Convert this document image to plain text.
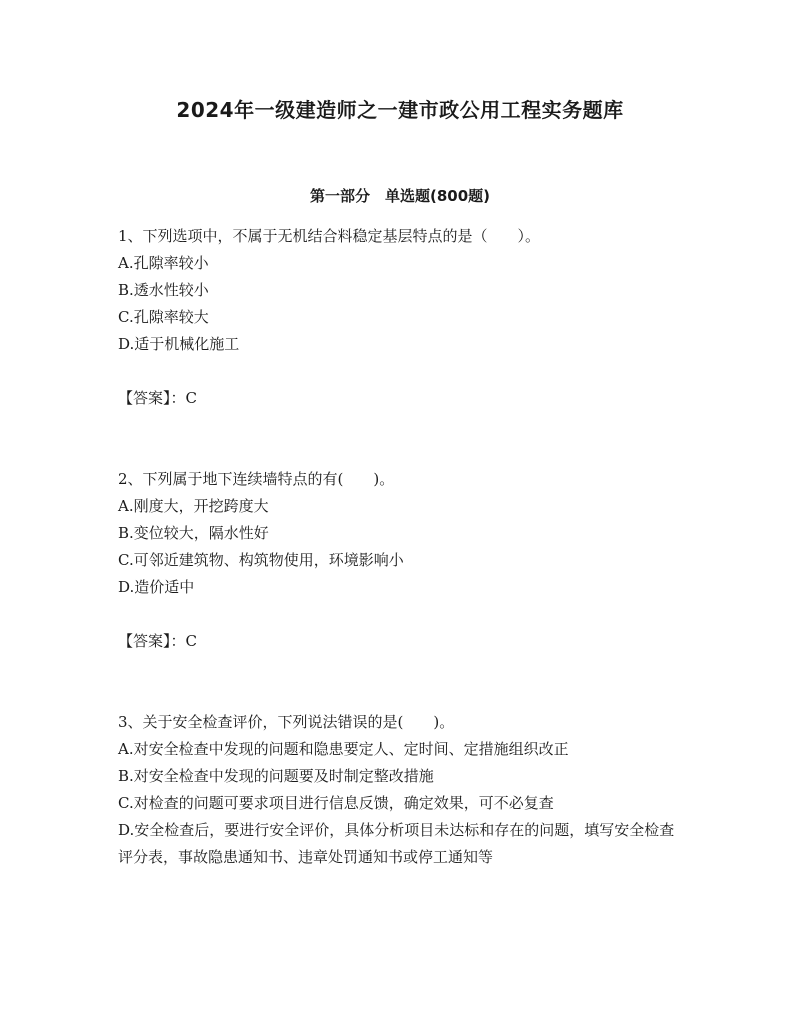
2024年一级建造师之一建市政公用工程实务题库
第一部分　单选题(800题)

1、下列选项中，不属于无机结合料稳定基层特点的是（　　）。

A.孔隙率较小

B.透水性较小

C.孔隙率较大

D.适于机械化施工

【答案】：C

2、下列属于地下连续墙特点的有(　　)。

A.刚度大，开挖跨度大

B.变位较大，隔水性好

C.可邻近建筑物、构筑物使用，环境影响小

D.造价适中

【答案】：C

3、关于安全检查评价，下列说法错误的是(　　)。

A.对安全检查中发现的问题和隐患要定人、定时间、定措施组织改正

B.对安全检查中发现的问题要及时制定整改措施

C.对检查的问题可要求项目进行信息反馈，确定效果，可不必复查

D.安全检查后，要进行安全评价，具体分析项目未达标和存在的问题，填写安全检查评分表，事故隐患通知书、违章处罚通知书或停工通知等
